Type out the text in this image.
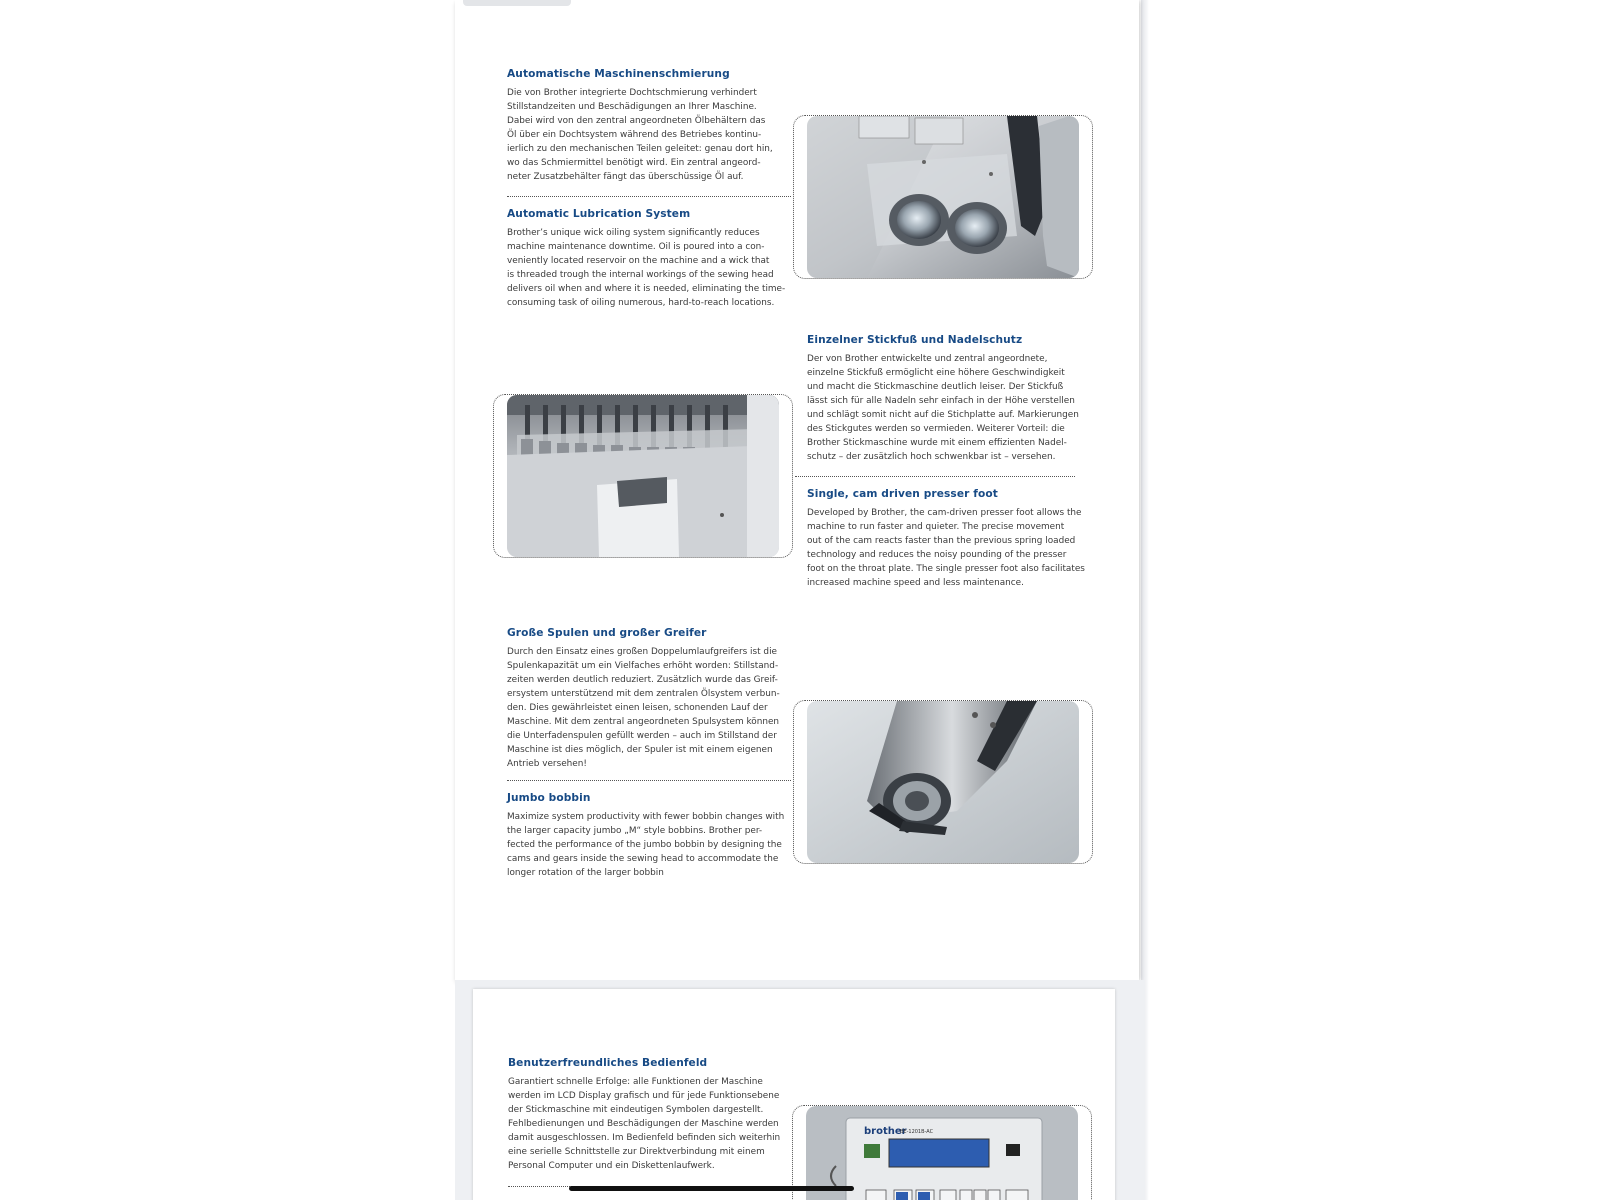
Automatische Maschinenschmierung
Die von Brother integrierte Dochtschmierung verhindert
Stillstandzeiten und Beschädigungen an Ihrer Maschine.
Dabei wird von den zentral angeordneten Ölbehältern das
Öl über ein Dochtsystem während des Betriebes kontinu-
ierlich zu den mechanischen Teilen geleitet: genau dort hin,
wo das Schmiermittel benötigt wird. Ein zentral angeord-
neter Zusatzbehälter fängt das überschüssige Öl auf.
Automatic Lubrication System
Brother’s unique wick oiling system significantly reduces
machine maintenance downtime. Oil is poured into a con-
veniently located reservoir on the machine and a wick that
is threaded trough the internal workings of the sewing head
delivers oil when and where it is needed, eliminating the time-
consuming task of oiling numerous, hard-to-reach locations.
Einzelner Stickfuß und Nadelschutz
Der von Brother entwickelte und zentral angeordnete,
einzelne Stickfuß ermöglicht eine höhere Geschwindigkeit
und macht die Stickmaschine deutlich leiser. Der Stickfuß
lässt sich für alle Nadeln sehr einfach in der Höhe verstellen
und schlägt somit nicht auf die Stichplatte auf. Markierungen
des Stickgutes werden so vermieden. Weiterer Vorteil: die
Brother Stickmaschine wurde mit einem effizienten Nadel-
schutz – der zusätzlich hoch schwenkbar ist – versehen.
Single, cam driven presser foot
Developed by Brother, the cam-driven presser foot allows the
machine to run faster and quieter. The precise movement
out of the cam reacts faster than the previous spring loaded
technology and reduces the noisy pounding of the presser
foot on the throat plate. The single presser foot also facilitates
increased machine speed and less maintenance.
Große Spulen und großer Greifer
Durch den Einsatz eines großen Doppelumlaufgreifers ist die
Spulenkapazität um ein Vielfaches erhöht worden: Stillstand-
zeiten werden deutlich reduziert. Zusätzlich wurde das Greif-
ersystem unterstützend mit dem zentralen Ölsystem verbun-
den. Dies gewährleistet einen leisen, schonenden Lauf der
Maschine. Mit dem zentral angeordneten Spulsystem können
die Unterfadenspulen gefüllt werden – auch im Stillstand der
Maschine ist dies möglich, der Spuler ist mit einem eigenen
Antrieb versehen!
Jumbo bobbin
Maximize system productivity with fewer bobbin changes with
the larger capacity jumbo „M“ style bobbins. Brother per-
fected the performance of the jumbo bobbin by designing the
cams and gears inside the sewing head to accommodate the
longer rotation of the larger bobbin
Benutzerfreundliches Bedienfeld
Garantiert schnelle Erfolge: alle Funktionen der Maschine
werden im LCD Display grafisch und für jede Funktionsebene
der Stickmaschine mit eindeutigen Symbolen dargestellt.
Fehlbedienungen und Beschädigungen der Maschine werden
damit ausgeschlossen. Im Bedienfeld befinden sich weiterhin
eine serielle Schnittstelle zur Direktverbindung mit einem
Personal Computer und ein Diskettenlaufwerk.
brother
BE-1201B-AC
